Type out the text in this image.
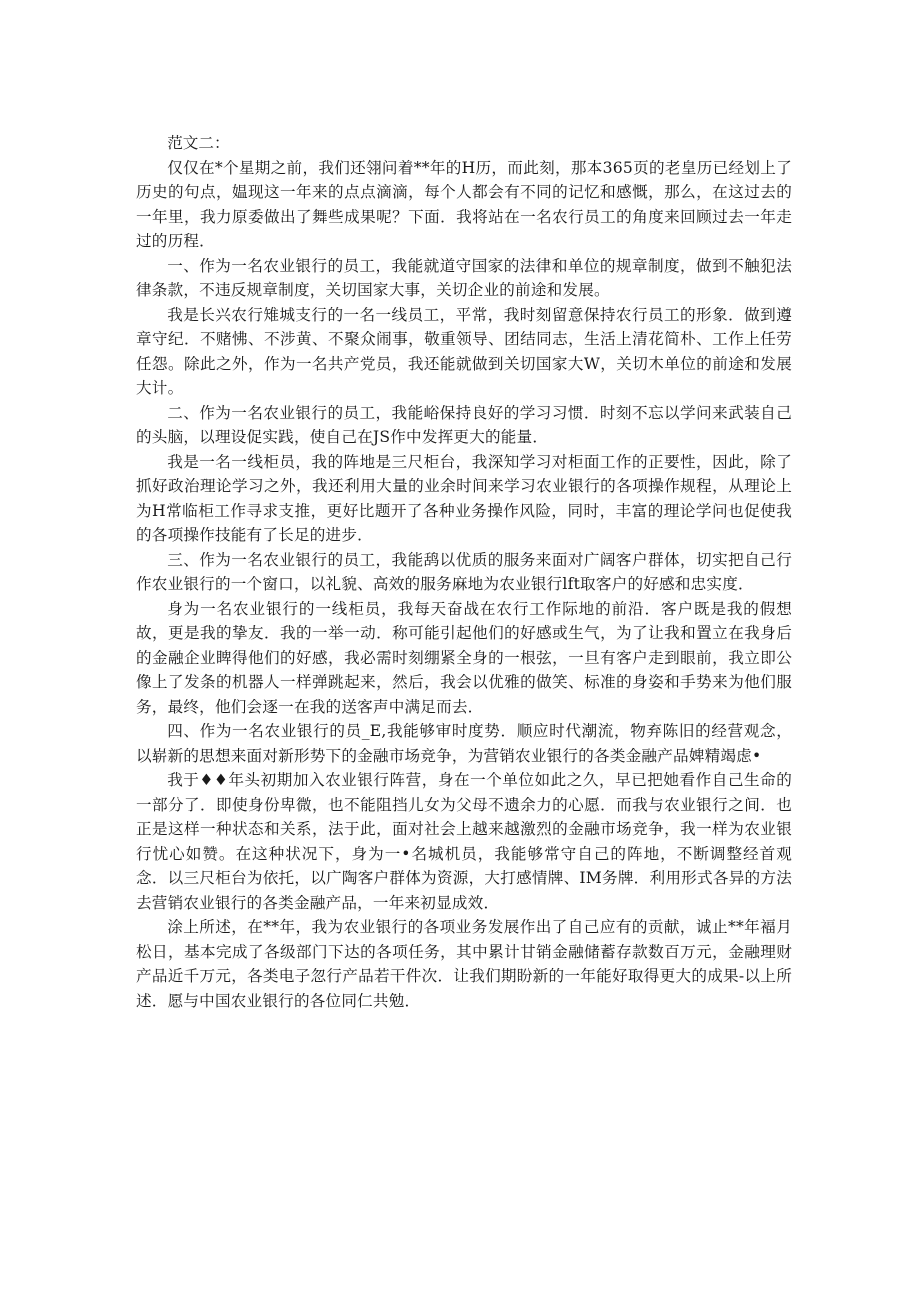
范文二：

仅仅在*个星期之前，我们还翎问着**年的H历，而此刻，那本365页的老皇历已经划上了历史的句点，媪现这一年来的点点滴滴，每个人都会有不同的记忆和感慨，那么，在这过去的一年里，我力原委做出了舞些成果呢？下面．我将站在一名农行员工的角度来回顾过去一年走过的历程．

一、作为一名农业银行的员工，我能就道守国家的法律和单位的规章制度，做到不触犯法律条款，不违反规章制度，关切国家大事，关切企业的前途和发展。

我是长兴农行雉城支行的一名一线员工，平常，我时刻留意保持农行员工的形象．做到遵章守纪．不赌怫、不涉黄、不聚众闹事，敬重领导、团结同志，生活上清花简朴、工作上任劳任怨。除此之外，作为一名共产党员，我还能就做到关切国家大W，关切木单位的前途和发展大计。

二、作为一名农业银行的员工，我能峪保持良好的学习习惯．时刻不忘以学问来武装自己的头脑，以理设促实践，使自己在JS作中发挥更大的能量．

我是一名一线柜员，我的阵地是三尺柜台，我深知学习对柜面工作的正要性，因此，除了抓好政治理论学习之外，我还利用大量的业余时间来学习农业银行的各项操作规程，从理论上为H常临柜工作寻求支推，更好比题开了各种业务操作风险，同时，丰富的理论学问也促使我的各项操作技能有了长足的进步．

三、作为一名农业银行的员工，我能鸹以优质的服务来面对广阔客户群体，切实把自己行作农业银行的一个窗口，以礼貌、高效的服务麻地为农业银行lft取客户的好感和忠实度．

身为一名农业银行的一线柜员，我每天奋战在农行工作际地的前沿．客户既是我的假想故，更是我的挚友．我的一举一动．称可能引起他们的好感或生气，为了让我和置立在我身后的金融企业睥得他们的好感，我必需时刻绷紧全身的一根弦，一旦有客户走到眼前，我立即公像上了发条的机器人一样弹跳起来，然后，我会以优雅的做笑、标准的身姿和手势来为他们服务，最终，他们会逐一在我的送客声中满足而去．

四、作为一名农业银行的员_E,我能够审时度势．顺应时代潮流，物弃陈旧的经营观念，以崭新的思想来面对新形势下的金融市场竞争，为营销农业银行的各类金融产品婢精竭虑•

我于♦♦年头初期加入农业银行阵营，身在一个单位如此之久，早已把她看作自己生命的一部分了．即使身份卑微，也不能阻挡儿女为父母不遗余力的心愿．而我与农业银行之间．也正是这样一种状态和关系，法于此，面对社会上越来越激烈的金融市场竞争，我一样为农业银行忧心如赞。在这种状况下，身为一•名城机员，我能够常守自己的阵地，不断调整经首观念．以三尺柜台为依托，以广陶客户群体为资源，大打感情牌、IM务牌．利用形式各异的方法去营销农业银行的各类金融产品，一年来初显成效．

涂上所述，在**年，我为农业银行的各项业务发展作出了自己应有的贡献，诚止**年褔月松日，基本完成了各级部门下达的各项任务，其中累计甘销金融储蓄存款数百万元，金融理财产品近千万元，各类电子忽行产品若干件次．让我们期盼新的一年能好取得更大的成果-以上所述．愿与中国农业银行的各位同仁共勉．
